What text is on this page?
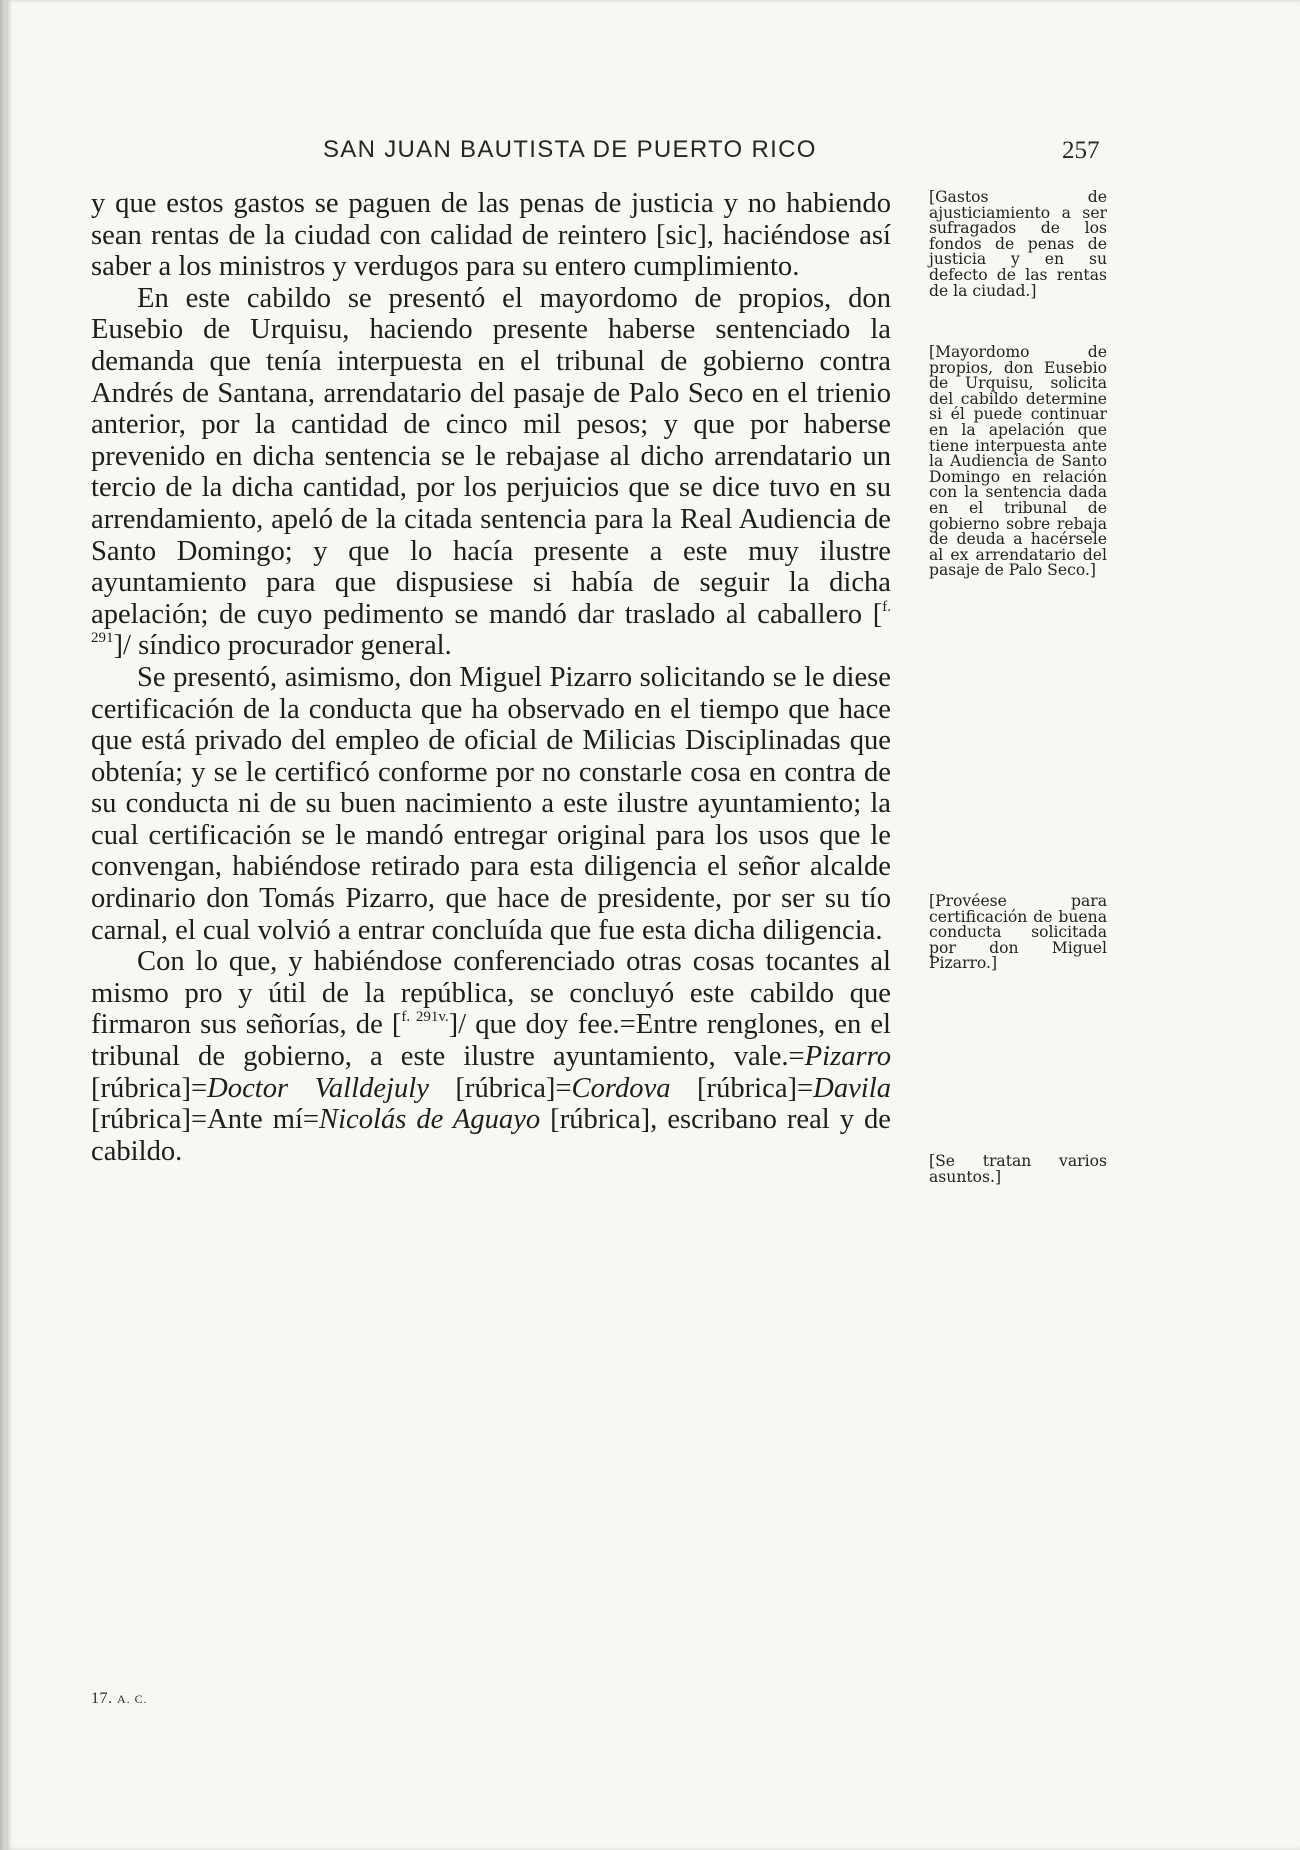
SAN JUAN BAUTISTA DE PUERTO RICO	257

y que estos gastos se paguen de las penas de justicia y no habiendo sean rentas de la ciudad con calidad de reintero [sic], haciéndose así saber a los ministros y verdugos para su entero cumplimiento.

En este cabildo se presentó el mayordomo de propios, don Eusebio de Urquisu, haciendo presente haberse sentenciado la demanda que tenía interpuesta en el tribunal de gobierno contra Andrés de Santana, arrendatario del pasaje de Palo Seco en el trienio anterior, por la cantidad de cinco mil pesos; y que por haberse prevenido en dicha sentencia se le rebajase al dicho arrendatario un tercio de la dicha cantidad, por los perjuicios que se dice tuvo en su arrendamiento, apeló de la citada sentencia para la Real Audiencia de Santo Domingo; y que lo hacía presente a este muy ilustre ayuntamiento para que dispusiese si había de seguir la dicha apelación; de cuyo pedimento se mandó dar traslado al caballero [$^{f. 291}$]/ síndico procurador general.

Se presentó, asimismo, don Miguel Pizarro solicitando se le diese certificación de la conducta que ha observado en el tiempo que hace que está privado del empleo de oficial de Milicias Disciplinadas que obtenía; y se le certificó conforme por no constarle cosa en contra de su conducta ni de su buen nacimiento a este ilustre ayuntamiento; la cual certificación se le mandó entregar original para los usos que le convengan, habiéndose retirado para esta diligencia el señor alcalde ordinario don Tomás Pizarro, que hace de presidente, por ser su tío carnal, el cual volvió a entrar concluída que fue esta dicha diligencia.

Con lo que, y habiéndose conferenciado otras cosas tocantes al mismo pro y útil de la república, se concluyó este cabildo que firmaron sus señorías, de [$^{f. 291v.}$]/ que doy fee.=Entre renglones, en el tribunal de gobierno, a este ilustre ayuntamiento, vale.=Pizarro [rúbrica]=Doctor Valldejuly [rúbrica]=Cordova [rúbrica]=Davila [rúbrica]=Ante mí=Nicolás de Aguayo [rúbrica], escribano real y de cabildo.

[Gastos de ajusticiamiento a ser sufragados de los fondos de penas de justicia y en su defecto de las rentas de la ciudad.]
[Mayordomo de propios, don Eusebio de Urquisu, solicita del cabildo determine si él puede continuar en la apelación que tiene interpuesta ante la Audiencia de Santo Domingo en relación con la sentencia dada en el tribunal de gobierno sobre rebaja de deuda a hacérsele al ex arrendatario del pasaje de Palo Seco.]
[Provéese para certificación de buena conducta solicitada por don Miguel Pizarro.]
[Se tratan varios asuntos.]
17. A. C.
